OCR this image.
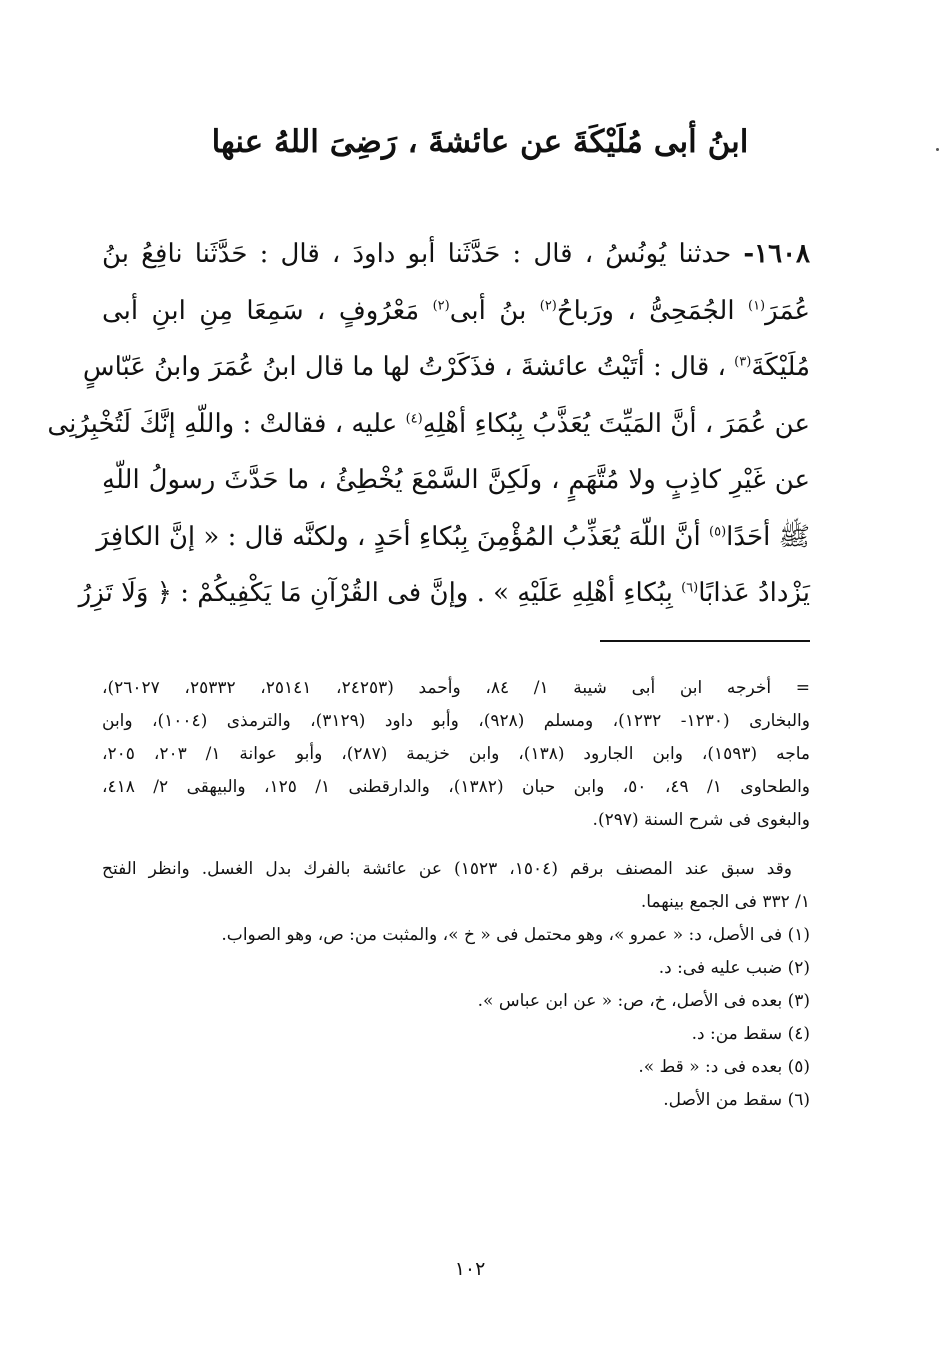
ابنُ أبى مُلَيْكَةَ عن عائشةَ ، رَضِىَ اللهُ عنها
١٦٠٨- حدثنا يُونُسُ ، قال : حَدَّثَنا أبو داودَ ، قال : حَدَّثَنا نافِعُ بنُ
عُمَرَ$^{(١)}$ الجُمَحِىُّ ، ورَباحُ$^{(٢)}$ بنُ أبى$^{(٢)}$ مَعْرُوفٍ ، سَمِعَا مِنِ ابنِ أبى
مُلَيْكَةَ$^{(٣)}$ ، قال : أتَيْتُ عائشةَ ، فذَكَرْتُ لها ما قال ابنُ عُمَرَ وابنُ عَبّاسٍ
عن عُمَرَ ، أنَّ المَيِّتَ يُعَذَّبُ بِبُكاءِ أهْلِهِ$^{(٤)}$ عليه ، فقالتْ : واللّهِ إنَّكَ لَتُخْبِرُنِى
عن غَيْرِ كاذِبٍ ولا مُتَّهَمٍ ، ولَكِنَّ السَّمْعَ يُخْطِئُ ، ما حَدَّثَ رسولُ اللّهِ
ﷺ أحَدًا$^{(٥)}$ أنَّ اللّهَ يُعَذِّبُ المُؤْمِنَ بِبُكاءِ أحَدٍ ، ولكنَّه قال : « إنَّ الكافِرَ
يَزْدادُ عَذابًا$^{(٦)}$ بِبُكاءِ أهْلِهِ عَلَيْهِ » . وإنَّ فى القُرْآنِ مَا يَكْفِيكُمْ : ﴿ وَلَا تَزِرُ
= أخرجه ابن أبى شيبة ١/ ٨٤، وأحمد (٢٤٢٥٣، ٢٥١٤١، ٢٥٣٣٢، ٢٦٠٢٧)،
والبخارى (١٢٣٠- ١٢٣٢)، ومسلم (٩٢٨)، وأبو داود (٣١٢٩)، والترمذى (١٠٠٤)، وابن
ماجه (١٥٩٣)، وابن الجارود (١٣٨)، وابن خزيمة (٢٨٧)، وأبو عوانة ١/ ٢٠٣، ٢٠٥،
والطحاوى ١/ ٤٩، ٥٠، وابن حبان (١٣٨٢)، والدارقطنى ١/ ١٢٥، والبيهقى ٢/ ٤١٨،
والبغوى فى شرح السنة (٢٩٧).
وقد سبق عند المصنف برقم (١٥٠٤، ١٥٢٣) عن عائشة بالفرك بدل الغسل. وانظر الفتح
١/ ٣٣٢ فى الجمع بينهما.
(١) فى الأصل، د: « عمرو »، وهو محتمل فى « خ »، والمثبت من: ص، وهو الصواب.
(٢) ضبب عليه فى: د.
(٣) بعده فى الأصل، خ، ص: « عن ابن عباس ».
(٤) سقط من: د.
(٥) بعده فى د: « قط ».
(٦) سقط من الأصل.
١٠٢
